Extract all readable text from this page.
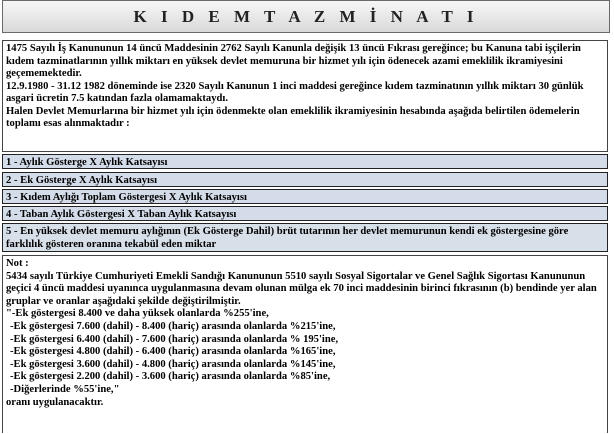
K I D E M T A Z M İ N A T I

1475 Sayılı İş Kanununun 14 üncü Maddesinin 2762 Sayılı Kanunla değişik 13 üncü Fıkrası gereğince; bu Kanuna tabi işçilerin kıdem tazminatlarının yıllık miktarı en yüksek devlet memuruna bir hizmet yılı için ödenecek azami emeklilik ikramiyesini geçememektedir.

12.9.1980 - 31.12 1982 döneminde ise 2320 Sayılı Kanunun 1 inci maddesi gereğince kıdem tazminatının yıllık miktarı 30 günlük asgari ücretin 7.5 katından fazla olamamaktaydı.

Halen Devlet Memurlarına bir hizmet yılı için ödenmekte olan emeklilik ikramiyesinin hesabında aşağıda belirtilen ödemelerin toplamı esas alınmaktadır :

1 - Aylık Gösterge X Aylık Katsayısı
2 - Ek Gösterge X Aylık Katsayısı
3 - Kıdem Aylığı Toplam Göstergesi X Aylık Katsayısı
4 - Taban Aylık Göstergesi X Taban Aylık Katsayısı
5 - En yüksek devlet memuru aylığının (Ek Gösterge Dahil) brüt tutarının her devlet memurunun kendi ek göstergesine göre farklılık gösteren oranına tekabül eden miktar

Not :

5434 sayılı Türkiye Cumhuriyeti Emekli Sandığı Kanununun 5510 sayılı Sosyal Sigortalar ve Genel Sağlık Sigortası Kanununun geçici 4 üncü maddesi uyanınca uygulanmasına devam olunan mülga ek 70 inci maddesinin birinci fıkrasının (b) bendinde yer alan gruplar ve oranlar aşağıdaki şekilde değiştirilmiştir.

"-Ek göstergesi 8.400 ve daha yüksek olanlarda %255'ine,
-Ek göstergesi 7.600 (dahil) - 8.400 (hariç) arasında olanlarda %215'ine,
-Ek göstergesi 6.400 (dahil) - 7.600 (hariç) arasında olanlarda % 195'ine,
-Ek göstergesi 4.800 (dahil) - 6.400 (hariç) arasında olanlarda %165'ine,
-Ek göstergesi 3.600 (dahil) - 4.800 (hariç) arasında olanlarda %145'ine,
-Ek göstergesi 2.200 (dahil) - 3.600 (hariç) arasında olanlarda %85'ine,
-Diğerlerinde %55'ine,"
oranı uygulanacaktır.
